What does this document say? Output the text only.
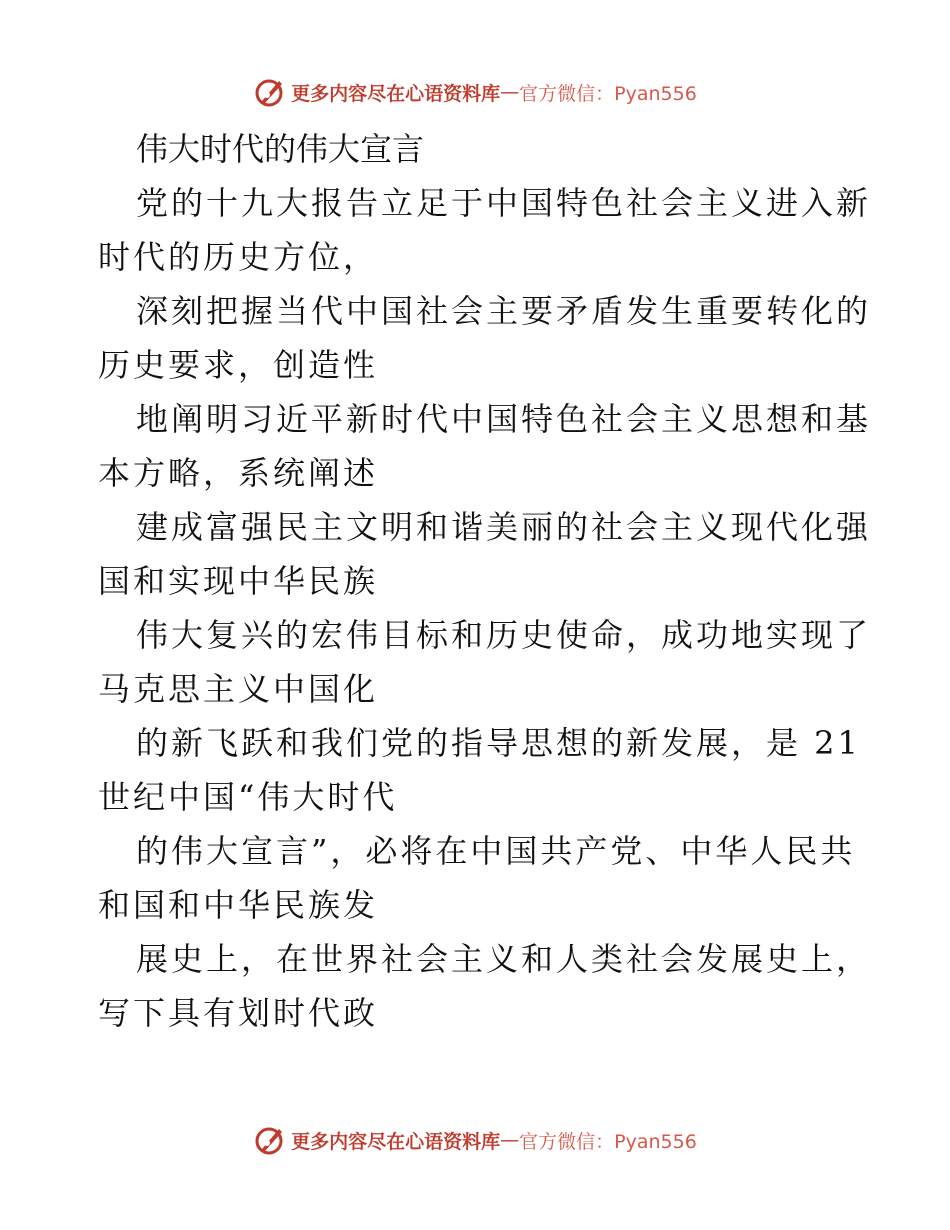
更多内容尽在心语资料库 — 官方微信：Pyan556

伟大时代的伟大宣言

党的十九大报告立足于中国特色社会主义进入新
时代的历史方位，

深刻把握当代中国社会主要矛盾发生重要转化的
历史要求，创造性

地阐明习近平新时代中国特色社会主义思想和基
本方略，系统阐述

建成富强民主文明和谐美丽的社会主义现代化强
国和实现中华民族

伟大复兴的宏伟目标和历史使命，成功地实现了
马克思主义中国化

的新飞跃和我们党的指导思想的新发展，是 21
世纪中国“伟大时代

的伟大宣言”，必将在中国共产党、中华人民共
和国和中华民族发

展史上，在世界社会主义和人类社会发展史上，
写下具有划时代政

更多内容尽在心语资料库 — 官方微信：Pyan556
